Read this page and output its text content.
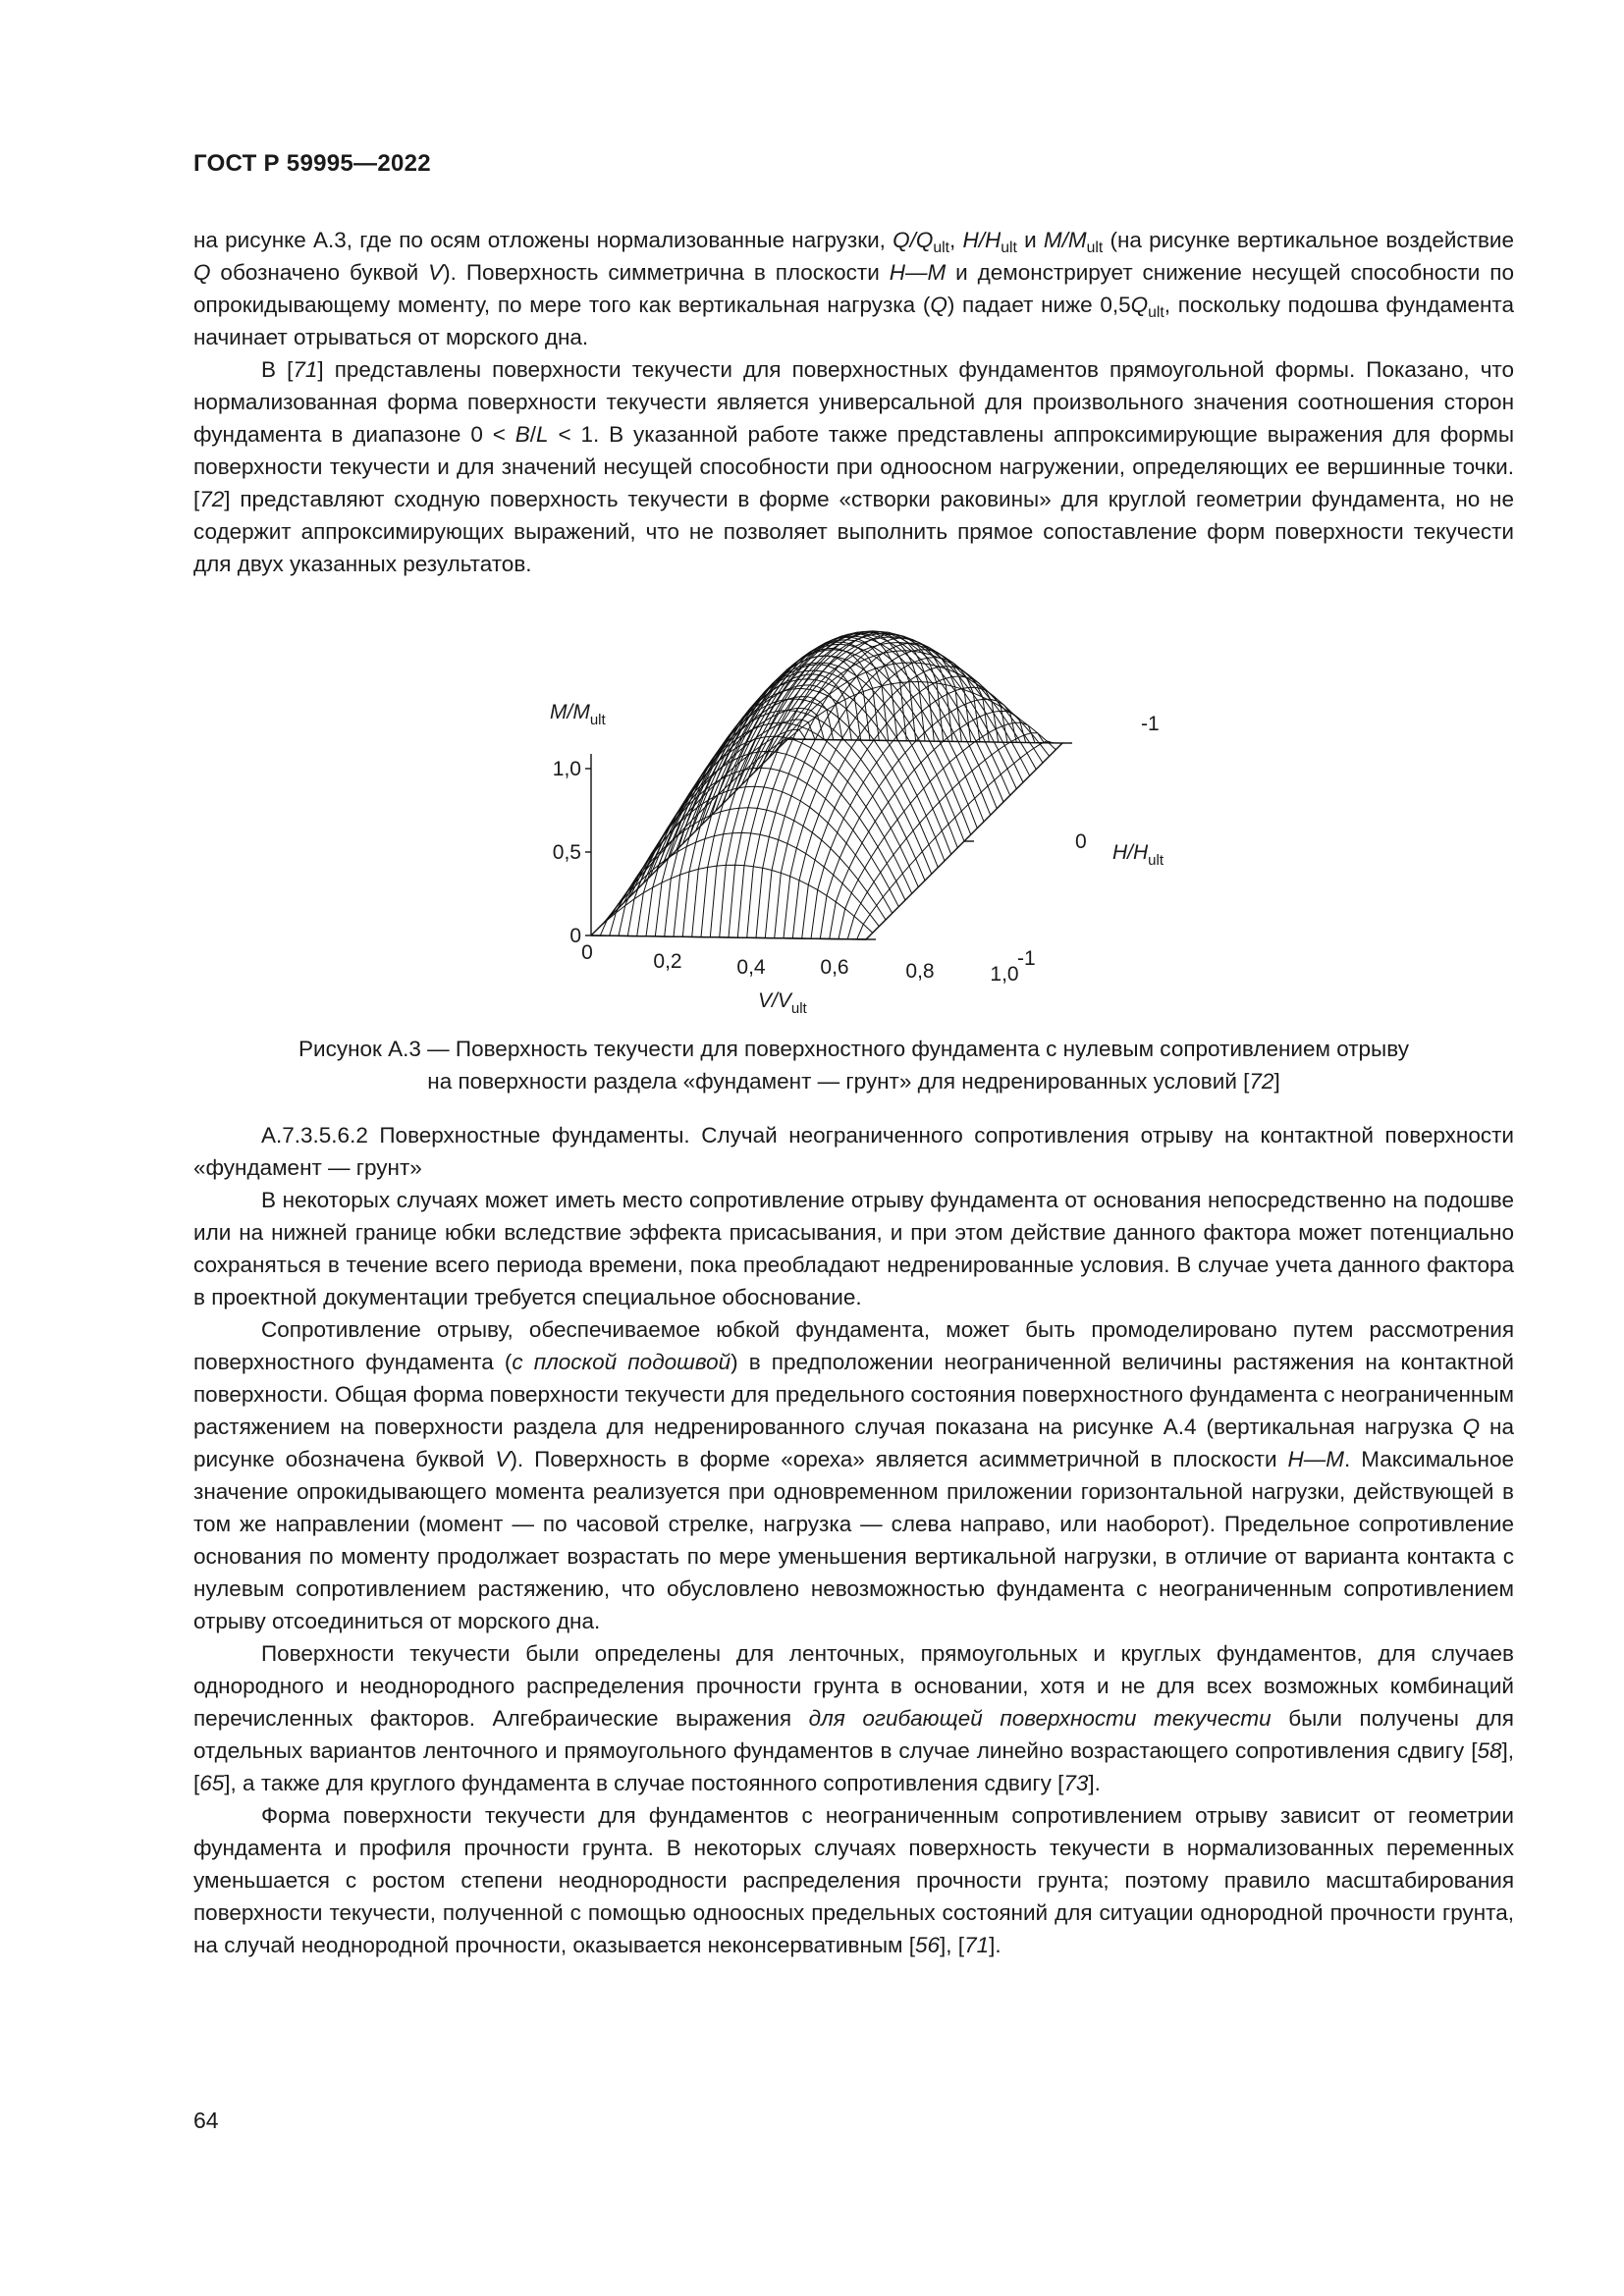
ГОСТ Р 59995—2022

на рисунке А.3, где по осям отложены нормализованные нагрузки, $Q/Q_{ult}$, $H/H_{ult}$ и $M/M_{ult}$ (на рисунке вертикальное воздействие Q обозначено буквой V). Поверхность симметрична в плоскости H—M и демонстрирует снижение несущей способности по опрокидывающему моменту, по мере того как вертикальная нагрузка (Q) падает ниже $0,5Q_{ult}$, поскольку подошва фундамента начинает отрываться от морского дна.

В [71] представлены поверхности текучести для поверхностных фундаментов прямоугольной формы. Показано, что нормализованная форма поверхности текучести является универсальной для произвольного значения соотношения сторон фундамента в диапазоне 0 < B/L < 1. В указанной работе также представлены аппроксимирующие выражения для формы поверхности текучести и для значений несущей способности при одноосном нагружении, определяющих ее вершинные точки. [72] представляют сходную поверхность текучести в форме «створки раковины» для круглой геометрии фундамента, но не содержит аппроксимирующих выражений, что не позволяет выполнить прямое сопоставление форм поверхности текучести для двух указанных результатов.

$M/M_{ult}$
1,0
0,5
0
0	0,2	0,4	0,6	0,8	1,0
$V/V_{ult}$
-1
0
-1
$H/H_{ult}$

Рисунок А.3 — Поверхность текучести для поверхностного фундамента с нулевым сопротивлением отрыву

на поверхности раздела «фундамент — грунт» для недренированных условий [72]

А.7.3.5.6.2 Поверхностные фундаменты. Случай неограниченного сопротивления отрыву на контактной поверхности «фундамент — грунт»

В некоторых случаях может иметь место сопротивление отрыву фундамента от основания непосредственно на подошве или на нижней границе юбки вследствие эффекта присасывания, и при этом действие данного фактора может потенциально сохраняться в течение всего периода времени, пока преобладают недренированные условия. В случае учета данного фактора в проектной документации требуется специальное обоснование.

Сопротивление отрыву, обеспечиваемое юбкой фундамента, может быть промоделировано путем рассмотрения поверхностного фундамента (с плоской подошвой) в предположении неограниченной величины растяжения на контактной поверхности. Общая форма поверхности текучести для предельного состояния поверхностного фундамента с неограниченным растяжением на поверхности раздела для недренированного случая показана на рисунке А.4 (вертикальная нагрузка Q на рисунке обозначена буквой V). Поверхность в форме «ореха» является асимметричной в плоскости H—M. Максимальное значение опрокидывающего момента реализуется при одновременном приложении горизонтальной нагрузки, действующей в том же направлении (момент — по часовой стрелке, нагрузка — слева направо, или наоборот). Предельное сопротивление основания по моменту продолжает возрастать по мере уменьшения вертикальной нагрузки, в отличие от варианта контакта с нулевым сопротивлением растяжению, что обусловлено невозможностью фундамента с неограниченным сопротивлением отрыву отсоединиться от морского дна.

Поверхности текучести были определены для ленточных, прямоугольных и круглых фундаментов, для случаев однородного и неоднородного распределения прочности грунта в основании, хотя и не для всех возможных комбинаций перечисленных факторов. Алгебраические выражения для огибающей поверхности текучести были получены для отдельных вариантов ленточного и прямоугольного фундаментов в случае линейно возрастающего сопротивления сдвигу [58], [65], а также для круглого фундамента в случае постоянного сопротивления сдвигу [73].

Форма поверхности текучести для фундаментов с неограниченным сопротивлением отрыву зависит от геометрии фундамента и профиля прочности грунта. В некоторых случаях поверхность текучести в нормализованных переменных уменьшается с ростом степени неоднородности распределения прочности грунта; поэтому правило масштабирования поверхности текучести, полученной с помощью одноосных предельных состояний для ситуации однородной прочности грунта, на случай неоднородной прочности, оказывается неконсервативным [56], [71].

64
